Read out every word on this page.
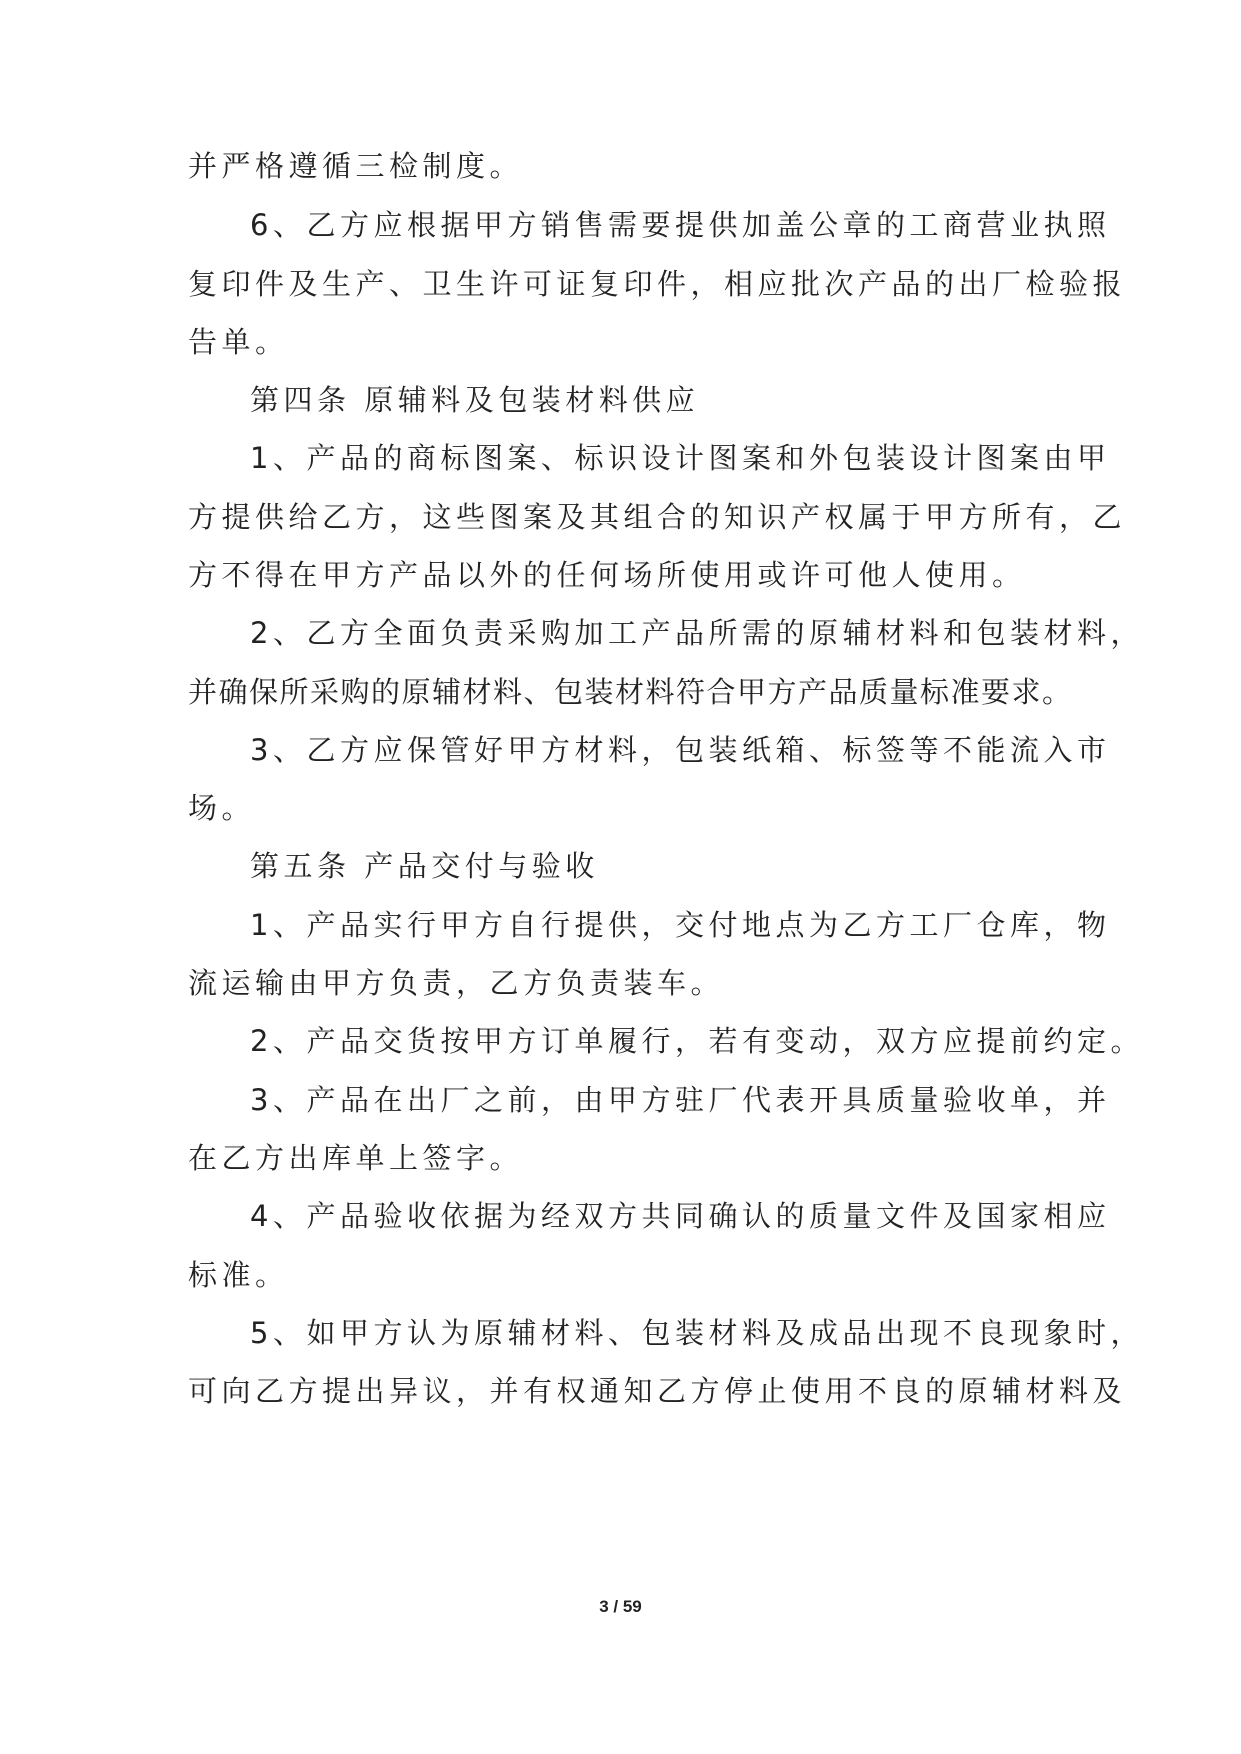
并严格遵循三检制度。
6、乙方应根据甲方销售需要提供加盖公章的工商营业执照
复印件及生产、卫生许可证复印件，相应批次产品的出厂检验报
告单。
第四条 原辅料及包装材料供应
1、产品的商标图案、标识设计图案和外包装设计图案由甲
方提供给乙方，这些图案及其组合的知识产权属于甲方所有，乙
方不得在甲方产品以外的任何场所使用或许可他人使用。
2、乙方全面负责采购加工产品所需的原辅材料和包装材料，
并确保所采购的原辅材料、包装材料符合甲方产品质量标准要求。
3、乙方应保管好甲方材料，包装纸箱、标签等不能流入市
场。
第五条 产品交付与验收
1、产品实行甲方自行提供，交付地点为乙方工厂仓库，物
流运输由甲方负责，乙方负责装车。
2、产品交货按甲方订单履行，若有变动，双方应提前约定。
3、产品在出厂之前，由甲方驻厂代表开具质量验收单，并
在乙方出库单上签字。
4、产品验收依据为经双方共同确认的质量文件及国家相应
标准。
5、如甲方认为原辅材料、包装材料及成品出现不良现象时，
可向乙方提出异议，并有权通知乙方停止使用不良的原辅材料及
3 / 59
